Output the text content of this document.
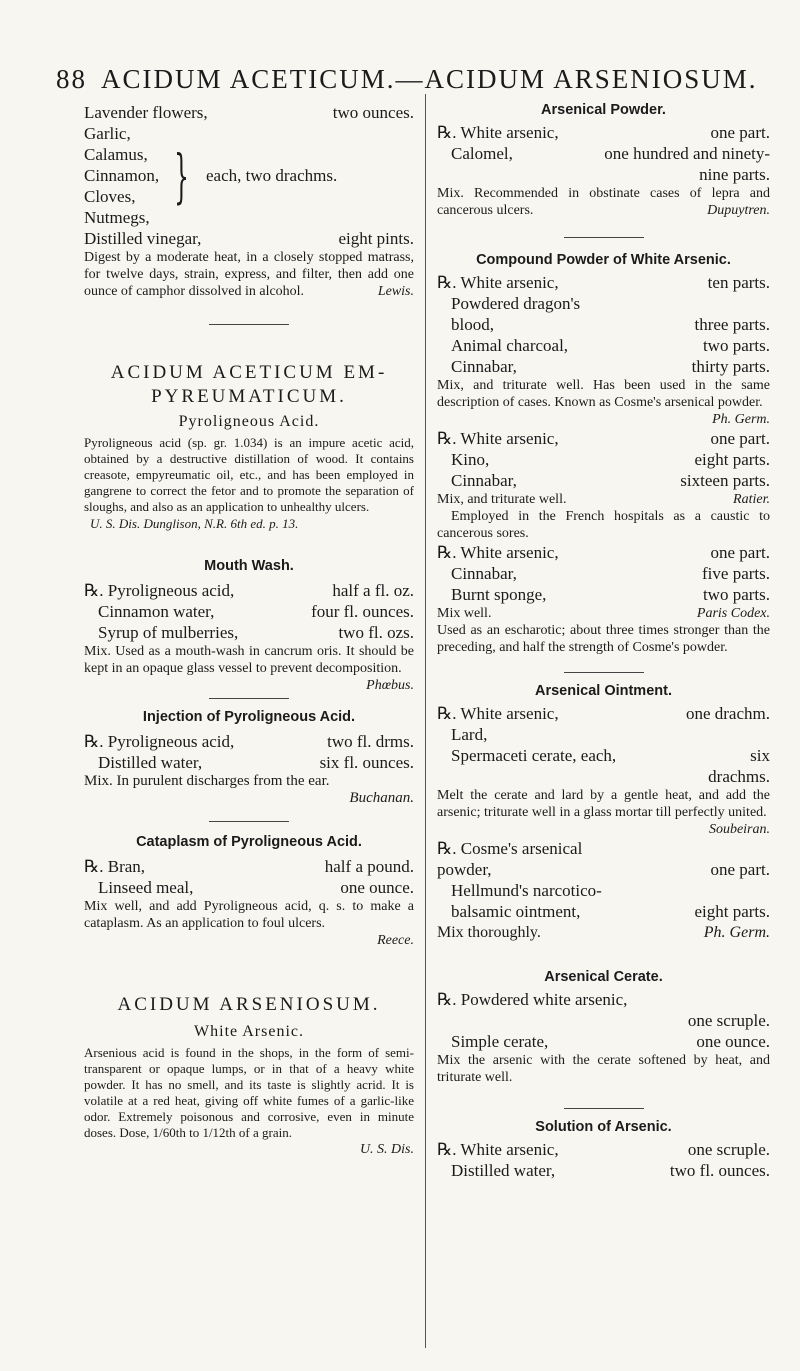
88 ACIDUM ACETICUM.—ACIDUM ARSENIOSUM.
Lavender flowers,	two ounces.
Garlic,
Calamus,
Cinnamon,
Cloves,
Nutmegs,
} each, two drachms.
Distilled vinegar,	eight pints.
Digest by a moderate heat, in a closely stopped matrass, for twelve days, strain, express, and filter, then add one ounce of camphor dissolved in alcohol.	Lewis.
ACIDUM ACETICUM EM-
PYREUMATICUM.
Pyroligneous Acid.
Pyroligneous acid (sp. gr. 1.034) is an impure acetic acid, obtained by a destructive distillation of wood. It contains creasote, empyreumatic oil, etc., and has been employed in gangrene to correct the fetor and to promote the separation of sloughs, and also as an application to unhealthy ulcers.
U. S. Dis. Dunglison, N.R. 6th ed. p. 13.
Mouth Wash.
℞. Pyroligneous acid,	half a fl. oz.
Cinnamon water,	four fl. ounces.
Syrup of mulberries,	two fl. ozs.
Mix. Used as a mouth-wash in cancrum oris. It should be kept in an opaque glass vessel to prevent decomposition.
Phœbus.
Injection of Pyroligneous Acid.
℞. Pyroligneous acid,	two fl. drms.
Distilled water,	six fl. ounces.
Mix. In purulent discharges from the ear.
Buchanan.
Cataplasm of Pyroligneous Acid.
℞. Bran,	half a pound.
Linseed meal,	one ounce.
Mix well, and add Pyroligneous acid, q. s. to make a cataplasm. As an application to foul ulcers.
Reece.
ACIDUM ARSENIOSUM.
White Arsenic.
Arsenious acid is found in the shops, in the form of semi-transparent or opaque lumps, or in that of a heavy white powder. It has no smell, and its taste is slightly acrid. It is volatile at a red heat, giving off white fumes of a garlic-like odor. Extremely poisonous and corrosive, even in minute doses. Dose, 1/60th to 1/12th of a grain.
U. S. Dis.
Arsenical Powder.
℞. White arsenic,	one part.
Calomel,	one hundred and ninety-nine parts.
Mix. Recommended in obstinate cases of lepra and cancerous ulcers.	Dupuytren.
Compound Powder of White Arsenic.
℞. White arsenic,	ten parts.
Powdered dragon's blood,	three parts.
Animal charcoal,	two parts.
Cinnabar,	thirty parts.
Mix, and triturate well. Has been used in the same description of cases. Known as Cosme's arsenical powder.
Ph. Germ.
℞. White arsenic,	one part.
Kino,	eight parts.
Cinnabar,	sixteen parts.
Mix, and triturate well.	Ratier.
Employed in the French hospitals as a caustic to cancerous sores.
℞. White arsenic,	one part.
Cinnabar,	five parts.
Burnt sponge,	two parts.
Mix well.	Paris Codex.
Used as an escharotic; about three times stronger than the preceding, and half the strength of Cosme's powder.
Arsenical Ointment.
℞. White arsenic,	one drachm.
Lard,
Spermaceti cerate, each,	six drachms.
Melt the cerate and lard by a gentle heat, and add the arsenic; triturate well in a glass mortar till perfectly united.
Soubeiran.
℞. Cosme's arsenical powder,	one part.
Hellmund's narcotico-balsamic ointment,	eight parts.
Mix thoroughly.	Ph. Germ.
Arsenical Cerate.
℞. Powdered white arsenic,
one scruple.
Simple cerate,	one ounce.
Mix the arsenic with the cerate softened by heat, and triturate well.
Solution of Arsenic.
℞. White arsenic,	one scruple.
Distilled water,	two fl. ounces.
